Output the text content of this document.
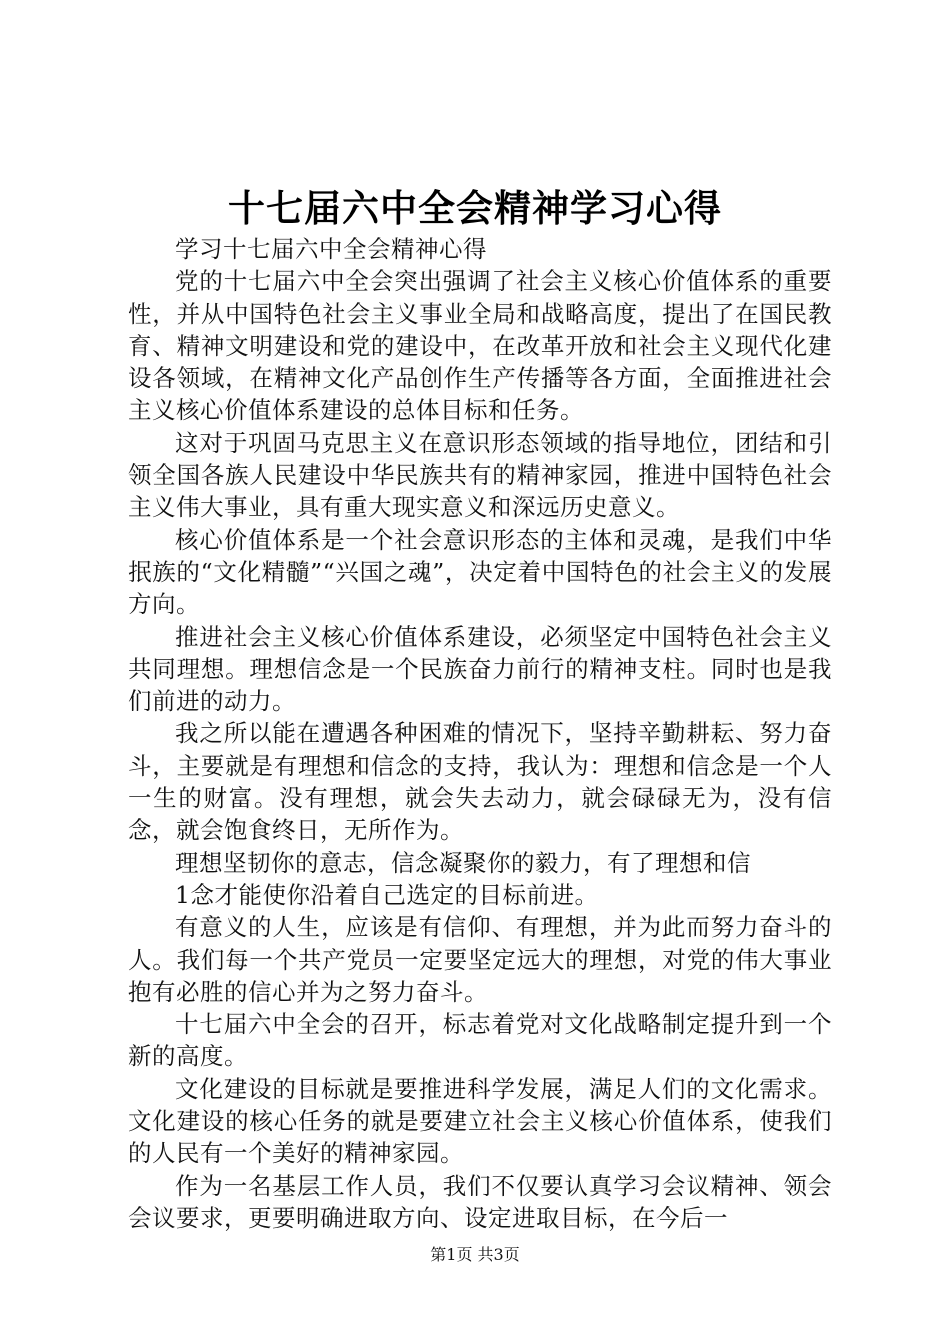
十七届六中全会精神学习心得

学习十七届六中全会精神心得

党的十七届六中全会突出强调了社会主义核心价值体系的重要性，并从中国特色社会主义事业全局和战略高度，提出了在国民教育、精神文明建设和党的建设中，在改革开放和社会主义现代化建设各领域，在精神文化产品创作生产传播等各方面，全面推进社会主义核心价值体系建设的总体目标和任务。

这对于巩固马克思主义在意识形态领域的指导地位，团结和引领全国各族人民建设中华民族共有的精神家园，推进中国特色社会主义伟大事业，具有重大现实意义和深远历史意义。

核心价值体系是一个社会意识形态的主体和灵魂，是我们中华抿族的“文化精髓”“兴国之魂”，决定着中国特色的社会主义的发展方向。

推进社会主义核心价值体系建设，必须坚定中国特色社会主义共同理想。理想信念是一个民族奋力前行的精神支柱。同时也是我们前进的动力。

我之所以能在遭遇各种困难的情况下，坚持辛勤耕耘、努力奋斗，主要就是有理想和信念的支持，我认为：理想和信念是一个人一生的财富。没有理想，就会失去动力，就会碌碌无为，没有信念，就会饱食终日，无所作为。

理想坚韧你的意志，信念凝聚你的毅力，有了理想和信

1念才能使你沿着自己选定的目标前进。

有意义的人生，应该是有信仰、有理想，并为此而努力奋斗的人。我们每一个共产党员一定要坚定远大的理想，对党的伟大事业抱有必胜的信心并为之努力奋斗。

十七届六中全会的召开，标志着党对文化战略制定提升到一个新的高度。

文化建设的目标就是要推进科学发展，满足人们的文化需求。文化建设的核心任务的就是要建立社会主义核心价值体系，使我们的人民有一个美好的精神家园。

作为一名基层工作人员，我们不仅要认真学习会议精神、领会会议要求，更要明确进取方向、设定进取目标，在今后一

第1页 共3页
